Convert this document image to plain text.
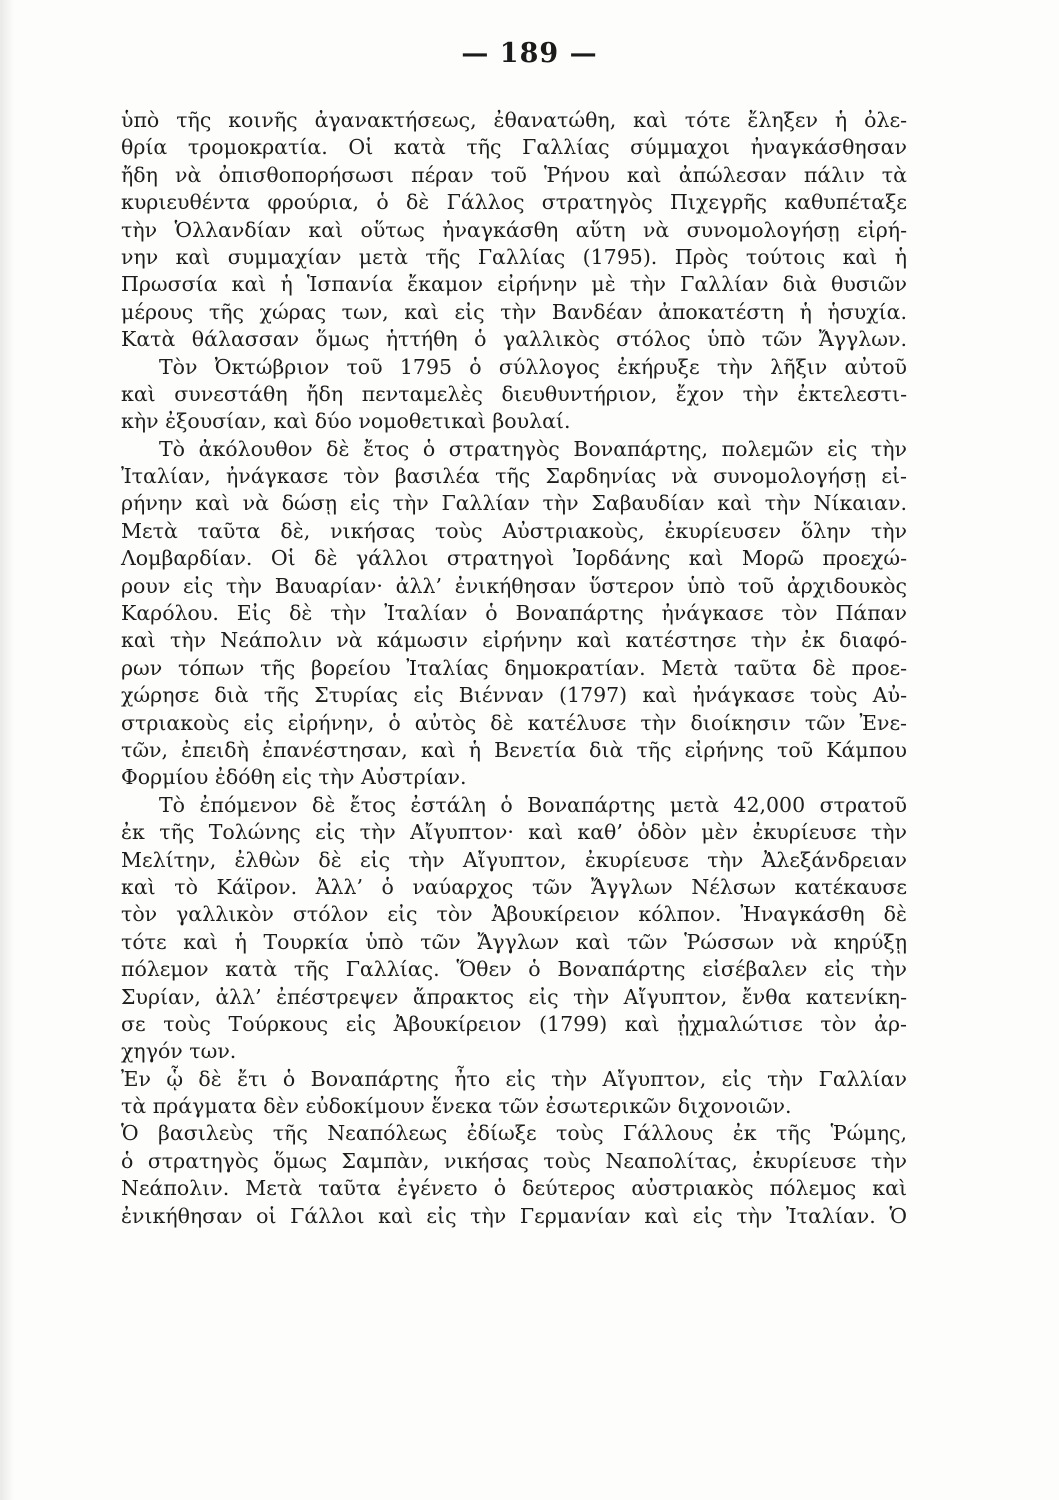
— 189 —
ὑπὸ τῆς κοινῆς ἀγανακτήσεως, ἐθανατώθη, καὶ τότε ἔληξεν ἡ ὀλε-
θρία τρομοκρατία. Οἱ κατὰ τῆς Γαλλίας σύμμαχοι ἠναγκάσθησαν
ἤδη νὰ ὀπισθοπορήσωσι πέραν τοῦ Ῥήνου καὶ ἀπώλεσαν πάλιν τὰ
κυριευθέντα φρούρια, ὁ δὲ Γάλλος στρατηγὸς Πιχεγρῆς καθυπέταξε
τὴν Ὁλλανδίαν καὶ οὕτως ἠναγκάσθη αὕτη νὰ συνομολογήσῃ εἰρή-
νην καὶ συμμαχίαν μετὰ τῆς Γαλλίας (1795). Πρὸς τούτοις καὶ ἡ
Πρωσσία καὶ ἡ Ἱσπανία ἔκαμον εἰρήνην μὲ τὴν Γαλλίαν διὰ θυσιῶν
μέρους τῆς χώρας των, καὶ εἰς τὴν Βανδέαν ἀποκατέστη ἡ ἡσυχία.
Κατὰ θάλασσαν ὅμως ἡττήθη ὁ γαλλικὸς στόλος ὑπὸ τῶν Ἄγγλων.
Τὸν Ὀκτώβριον τοῦ 1795 ὁ σύλλογος ἐκήρυξε τὴν λῆξιν αὐτοῦ
καὶ συνεστάθη ἤδη πενταμελὲς διευθυντήριον, ἔχον τὴν ἐκτελεστι-
κὴν ἐξουσίαν, καὶ δύο νομοθετικαὶ βουλαί.
Τὸ ἀκόλουθον δὲ ἔτος ὁ στρατηγὸς Βοναπάρτης, πολεμῶν εἰς τὴν
Ἰταλίαν, ἠνάγκασε τὸν βασιλέα τῆς Σαρδηνίας νὰ συνομολογήσῃ εἰ-
ρήνην καὶ νὰ δώσῃ εἰς τὴν Γαλλίαν τὴν Σαβαυδίαν καὶ τὴν Νίκαιαν.
Μετὰ ταῦτα δὲ, νικήσας τοὺς Αὐστριακοὺς, ἐκυρίευσεν ὅλην τὴν
Λομβαρδίαν. Οἱ δὲ γάλλοι στρατηγοὶ Ἰορδάνης καὶ Μορῶ προεχώ-
ρουν εἰς τὴν Βαυαρίαν· ἀλλ’ ἐνικήθησαν ὕστερον ὑπὸ τοῦ ἀρχιδουκὸς
Καρόλου. Εἰς δὲ τὴν Ἰταλίαν ὁ Βοναπάρτης ἠνάγκασε τὸν Πάπαν
καὶ τὴν Νεάπολιν νὰ κάμωσιν εἰρήνην καὶ κατέστησε τὴν ἐκ διαφό-
ρων τόπων τῆς βορείου Ἰταλίας δημοκρατίαν. Μετὰ ταῦτα δὲ προε-
χώρησε διὰ τῆς Στυρίας εἰς Βιένναν (1797) καὶ ἠνάγκασε τοὺς Αὐ-
στριακοὺς εἰς εἰρήνην, ὁ αὐτὸς δὲ κατέλυσε τὴν διοίκησιν τῶν Ἐνε-
τῶν, ἐπειδὴ ἐπανέστησαν, καὶ ἡ Βενετία διὰ τῆς εἰρήνης τοῦ Κάμπου
Φορμίου ἐδόθη εἰς τὴν Αὐστρίαν.
Τὸ ἐπόμενον δὲ ἔτος ἐστάλη ὁ Βοναπάρτης μετὰ 42,000 στρατοῦ
ἐκ τῆς Τολώνης εἰς τὴν Αἴγυπτον· καὶ καθ’ ὁδὸν μὲν ἐκυρίευσε τὴν
Μελίτην, ἐλθὼν δὲ εἰς τὴν Αἴγυπτον, ἐκυρίευσε τὴν Ἀλεξάνδρειαν
καὶ τὸ Κάϊρον. Ἀλλ’ ὁ ναύαρχος τῶν Ἄγγλων Νέλσων κατέκαυσε
τὸν γαλλικὸν στόλον εἰς τὸν Ἀβουκίρειον κόλπον. Ἠναγκάσθη δὲ
τότε καὶ ἡ Τουρκία ὑπὸ τῶν Ἄγγλων καὶ τῶν Ῥώσσων νὰ κηρύξῃ
πόλεμον κατὰ τῆς Γαλλίας. Ὅθεν ὁ Βοναπάρτης εἰσέβαλεν εἰς τὴν
Συρίαν, ἀλλ’ ἐπέστρεψεν ἄπρακτος εἰς τὴν Αἴγυπτον, ἔνθα κατενίκη-
σε τοὺς Τούρκους εἰς Ἀβουκίρειον (1799) καὶ ᾐχμαλώτισε τὸν ἀρ-
χηγόν των.
Ἐν ᾧ δὲ ἔτι ὁ Βοναπάρτης ἦτο εἰς τὴν Αἴγυπτον, εἰς τὴν Γαλλίαν
τὰ πράγματα δὲν εὐδοκίμουν ἕνεκα τῶν ἐσωτερικῶν διχονοιῶν.
Ὁ βασιλεὺς τῆς Νεαπόλεως ἐδίωξε τοὺς Γάλλους ἐκ τῆς Ῥώμης,
ὁ στρατηγὸς ὅμως Σαμπὰν, νικήσας τοὺς Νεαπολίτας, ἐκυρίευσε τὴν
Νεάπολιν. Μετὰ ταῦτα ἐγένετο ὁ δεύτερος αὐστριακὸς πόλεμος καὶ
ἐνικήθησαν οἱ Γάλλοι καὶ εἰς τὴν Γερμανίαν καὶ εἰς τὴν Ἰταλίαν. Ὁ
